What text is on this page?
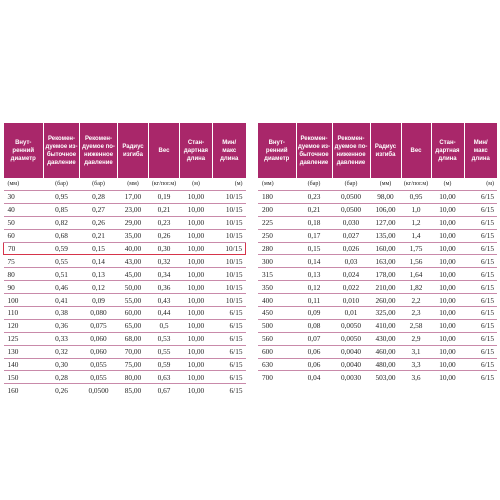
Внут-
ренний
диаметр	Рекомен-
дуемое из-
быточное
давление	Рекомен-
дуемое по-
ниженное
давление	Радиус
изгиба	Вес	Стан-
дартная
длина	Мин/
макс
длина
(мм)	(бар)	(бар)	(мм)	(кг/пог.м)	(м)	(м)
30	0,95	0,28	17,00	0,19	10,00	10/15
40	0,85	0,27	23,00	0,21	10,00	10/15
50	0,82	0,26	29,00	0,23	10,00	10/15
60	0,68	0,21	35,00	0,26	10,00	10/15
70	0,59	0,15	40,00	0,30	10,00	10/15
75	0,55	0,14	43,00	0,32	10,00	10/15
80	0,51	0,13	45,00	0,34	10,00	10/15
90	0,46	0,12	50,00	0,36	10,00	10/15
100	0,41	0,09	55,00	0,43	10,00	10/15
110	0,38	0,080	60,00	0,44	10,00	6/15
120	0,36	0,075	65,00	0,5	10,00	6/15
125	0,33	0,060	68,00	0,53	10,00	6/15
130	0,32	0,060	70,00	0,55	10,00	6/15
140	0,30	0,055	75,00	0,59	10,00	6/15
150	0,28	0,055	80,00	0,63	10,00	6/15
160	0,26	0,0500	85,00	0,67	10,00	6/15
Внут-
ренний
диаметр	Рекомен-
дуемое из-
быточное
давление	Рекомен-
дуемое по-
ниженное
давление	Радиус
изгиба	Вес	Стан-
дартная
длина	Мин/
макс
длина
(мм)	(бар)	(бар)	(мм)	(кг/пог.м)	(м)	(м)
180	0,23	0,0500	98,00	0,95	10,00	6/15
200	0,21	0,0500	106,00	1,0	10,00	6/15
225	0,18	0,030	127,00	1,2	10,00	6/15
250	0,17	0,027	135,00	1,4	10,00	6/15
280	0,15	0,026	160,00	1,75	10,00	6/15
300	0,14	0,03	163,00	1,56	10,00	6/15
315	0,13	0,024	178,00	1,64	10,00	6/15
350	0,12	0,022	210,00	1,82	10,00	6/15
400	0,11	0,010	260,00	2,2	10,00	6/15
450	0,09	0,01	325,00	2,3	10,00	6/15
500	0,08	0,0050	410,00	2,58	10,00	6/15
560	0,07	0,0050	430,00	2,9	10,00	6/15
600	0,06	0,0040	460,00	3,1	10,00	6/15
630	0,06	0,0040	480,00	3,3	10,00	6/15
700	0,04	0,0030	503,00	3,6	10,00	6/15
